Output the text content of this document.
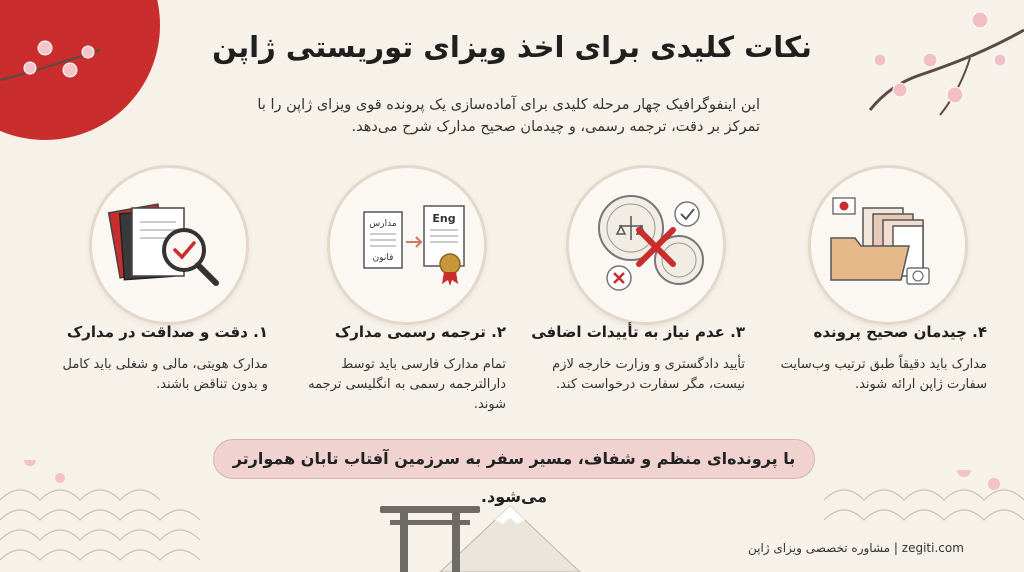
نکات کلیدی برای اخذ ویزای توریستی ژاپن
این اینفوگرافیک چهار مرحله کلیدی برای آماده‌سازی یک پرونده قوی ویزای ژاپن را با تمرکز بر دقت، ترجمه رسمی، و چیدمان صحیح مدارک شرح می‌دهد.
۴. چیدمان صحیح پرونده
مدارک باید دقیقاً طبق ترتیب وب‌سایت سفارت ژاپن ارائه شوند.
۳. عدم نیاز به تأییدات اضافی
تأیید دادگستری و وزارت خارجه لازم نیست، مگر سفارت درخواست کند.
مدارس
قانون
Eng
۲. ترجمه رسمی مدارک
تمام مدارک فارسی باید توسط دارالترجمه رسمی به انگلیسی ترجمه شوند.
۱. دقت و صداقت در مدارک
مدارک هویتی، مالی و شغلی باید کامل و بدون تناقض باشند.
با پرونده‌ای منظم و شفاف، مسیر سفر به سرزمین آفتاب تابان هموارتر می‌شود.
zegiti.com | مشاوره تخصصی ویزای ژاپن
